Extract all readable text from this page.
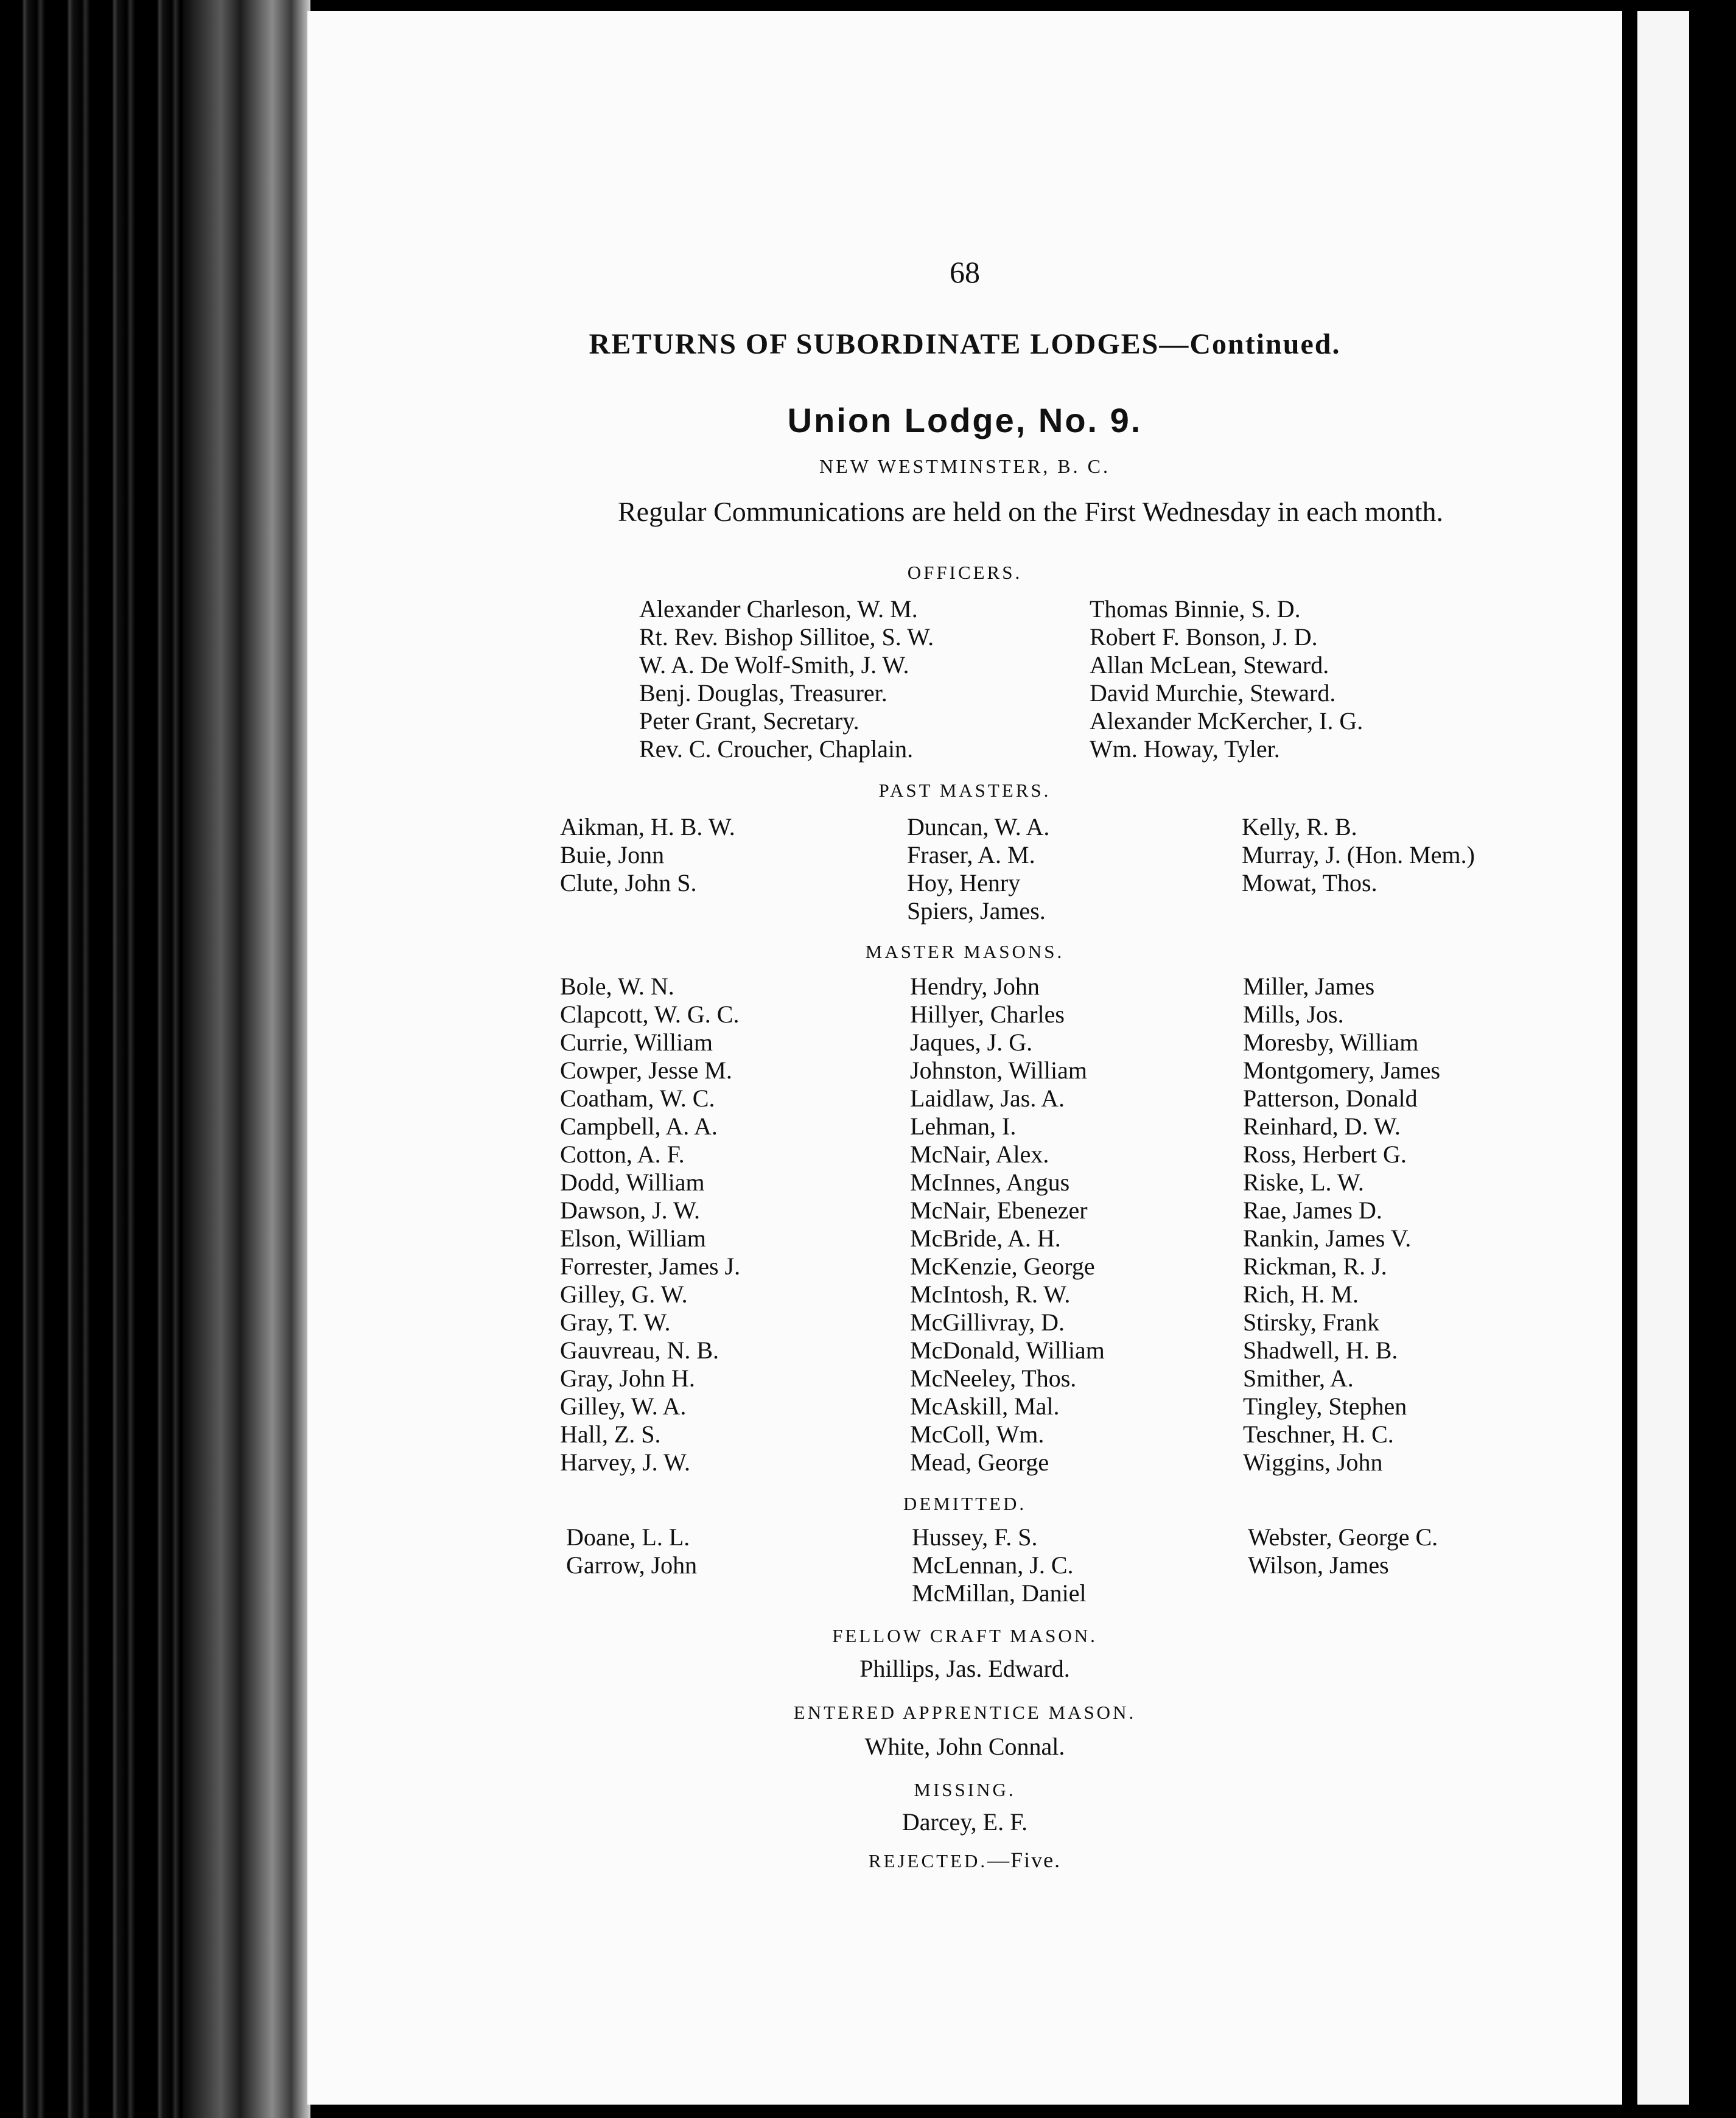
68
RETURNS OF SUBORDINATE LODGES—Continued.
Union Lodge, No. 9.
NEW WESTMINSTER, B. C.
Regular Communications are held on the First Wednesday in each month.
OFFICERS.
Alexander Charleson, W. M.
Rt. Rev. Bishop Sillitoe, S. W.
W. A. De Wolf-Smith, J. W.
Benj. Douglas, Treasurer.
Peter Grant, Secretary.
Rev. C. Croucher, Chaplain.
Thomas Binnie, S. D.
Robert F. Bonson, J. D.
Allan McLean, Steward.
David Murchie, Steward.
Alexander McKercher, I. G.
Wm. Howay, Tyler.
PAST MASTERS.
Aikman, H. B. W.
Buie, Jonn
Clute, John S.
Duncan, W. A.
Fraser, A. M.
Hoy, Henry
Spiers, James.
Kelly, R. B.
Murray, J. (Hon. Mem.)
Mowat, Thos.
MASTER MASONS.
Bole, W. N.
Clapcott, W. G. C.
Currie, William
Cowper, Jesse M.
Coatham, W. C.
Campbell, A. A.
Cotton, A. F.
Dodd, William
Dawson, J. W.
Elson, William
Forrester, James J.
Gilley, G. W.
Gray, T. W.
Gauvreau, N. B.
Gray, John H.
Gilley, W. A.
Hall, Z. S.
Harvey, J. W.
Hendry, John
Hillyer, Charles
Jaques, J. G.
Johnston, William
Laidlaw, Jas. A.
Lehman, I.
McNair, Alex.
McInnes, Angus
McNair, Ebenezer
McBride, A. H.
McKenzie, George
McIntosh, R. W.
McGillivray, D.
McDonald, William
McNeeley, Thos.
McAskill, Mal.
McColl, Wm.
Mead, George
Miller, James
Mills, Jos.
Moresby, William
Montgomery, James
Patterson, Donald
Reinhard, D. W.
Ross, Herbert G.
Riske, L. W.
Rae, James D.
Rankin, James V.
Rickman, R. J.
Rich, H. M.
Stirsky, Frank
Shadwell, H. B.
Smither, A.
Tingley, Stephen
Teschner, H. C.
Wiggins, John
DEMITTED.
Doane, L. L.
Garrow, John
Hussey, F. S.
McLennan, J. C.
McMillan, Daniel
Webster, George C.
Wilson, James
FELLOW CRAFT MASON.
Phillips, Jas. Edward.
ENTERED APPRENTICE MASON.
White, John Connal.
MISSING.
Darcey, E. F.
REJECTED.—Five.
